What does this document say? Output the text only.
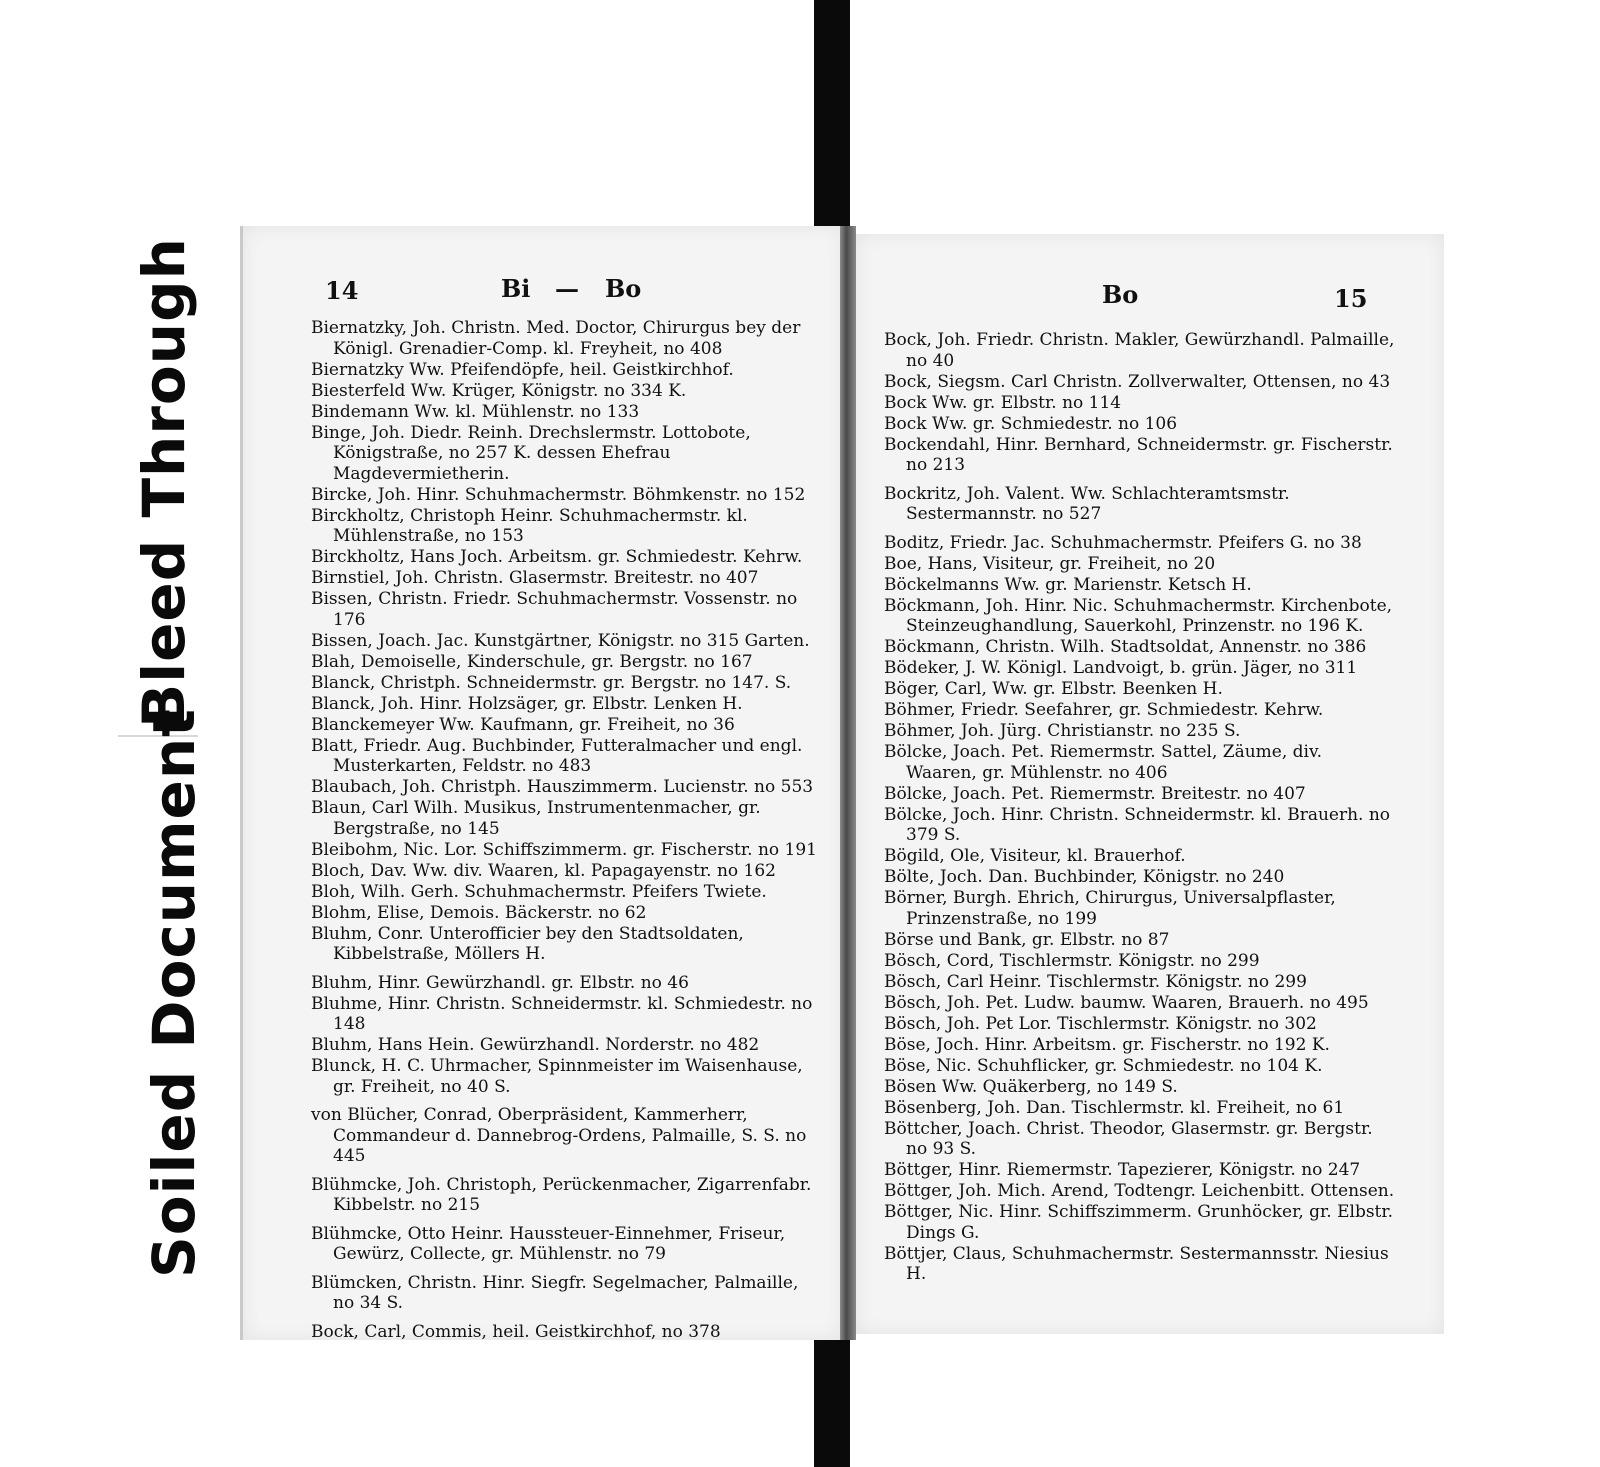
Bleed Through
Soiled Document
14	Bi — Bo
Biernatzky, Joh. Christn. Med. Doctor, Chirurgus bey der Königl. Grenadier-Comp. kl. Freyheit, no 408
Biernatzky Ww. Pfeifendöpfe, heil. Geistkirchhof.
Biesterfeld Ww. Krüger, Königstr. no 334 K.
Bindemann Ww. kl. Mühlenstr. no 133
Binge, Joh. Diedr. Reinh. Drechslermstr. Lottobote, Königstraße, no 257 K. dessen Ehefrau Magdevermietherin.
Bircke, Joh. Hinr. Schuhmachermstr. Böhmkenstr. no 152
Birckholtz, Christoph Heinr. Schuhmachermstr. kl. Mühlenstraße, no 153
Birckholtz, Hans Joch. Arbeitsm. gr. Schmiedestr. Kehrw.
Birnstiel, Joh. Christn. Glasermstr. Breitestr. no 407
Bissen, Christn. Friedr. Schuhmachermstr. Vossenstr. no 176
Bissen, Joach. Jac. Kunstgärtner, Königstr. no 315 Garten.
Blah, Demoiselle, Kinderschule, gr. Bergstr. no 167
Blanck, Christph. Schneidermstr. gr. Bergstr. no 147. S.
Blanck, Joh. Hinr. Holzsäger, gr. Elbstr. Lenken H.
Blanckemeyer Ww. Kaufmann, gr. Freiheit, no 36
Blatt, Friedr. Aug. Buchbinder, Futteralmacher und engl. Musterkarten, Feldstr. no 483
Blaubach, Joh. Christph. Hauszimmerm. Lucienstr. no 553
Blaun, Carl Wilh. Musikus, Instrumentenmacher, gr. Bergstraße, no 145
Bleibohm, Nic. Lor. Schiffszimmerm. gr. Fischerstr. no 191
Bloch, Dav. Ww. div. Waaren, kl. Papagayenstr. no 162
Bloh, Wilh. Gerh. Schuhmachermstr. Pfeifers Twiete.
Blohm, Elise, Demois. Bäckerstr. no 62
Bluhm, Conr. Unterofficier bey den Stadtsoldaten, Kibbelstraße, Möllers H.
Bluhm, Hinr. Gewürzhandl. gr. Elbstr. no 46
Bluhme, Hinr. Christn. Schneidermstr. kl. Schmiedestr. no 148
Bluhm, Hans Hein. Gewürzhandl. Norderstr. no 482
Blunck, H. C. Uhrmacher, Spinnmeister im Waisenhause, gr. Freiheit, no 40 S.
von Blücher, Conrad, Oberpräsident, Kammerherr, Commandeur d. Dannebrog-Ordens, Palmaille, S. S. no 445
Blühmcke, Joh. Christoph, Perückenmacher, Zigarrenfabr. Kibbelstr. no 215
Blühmcke, Otto Heinr. Haussteuer-Einnehmer, Friseur, Gewürz, Collecte, gr. Mühlenstr. no 79
Blümcken, Christn. Hinr. Siegfr. Segelmacher, Palmaille, no 34 S.
Bock, Carl, Commis, heil. Geistkirchhof, no 378
Bo	15
Bock, Joh. Friedr. Christn. Makler, Gewürzhandl. Palmaille, no 40
Bock, Siegsm. Carl Christn. Zollverwalter, Ottensen, no 43
Bock Ww. gr. Elbstr. no 114
Bock Ww. gr. Schmiedestr. no 106
Bockendahl, Hinr. Bernhard, Schneidermstr. gr. Fischerstr. no 213
Bockritz, Joh. Valent. Ww. Schlachteramtsmstr. Sestermannstr. no 527
Boditz, Friedr. Jac. Schuhmachermstr. Pfeifers G. no 38
Boe, Hans, Visiteur, gr. Freiheit, no 20
Böckelmanns Ww. gr. Marienstr. Ketsch H.
Böckmann, Joh. Hinr. Nic. Schuhmachermstr. Kirchenbote, Steinzeughandlung, Sauerkohl, Prinzenstr. no 196 K.
Böckmann, Christn. Wilh. Stadtsoldat, Annenstr. no 386
Bödeker, J. W. Königl. Landvoigt, b. grün. Jäger, no 311
Böger, Carl, Ww. gr. Elbstr. Beenken H.
Böhmer, Friedr. Seefahrer, gr. Schmiedestr. Kehrw.
Böhmer, Joh. Jürg. Christianstr. no 235 S.
Bölcke, Joach. Pet. Riemermstr. Sattel, Zäume, div. Waaren, gr. Mühlenstr. no 406
Bölcke, Joach. Pet. Riemermstr. Breitestr. no 407
Bölcke, Joch. Hinr. Christn. Schneidermstr. kl. Brauerh. no 379 S.
Bögild, Ole, Visiteur, kl. Brauerhof.
Bölte, Joch. Dan. Buchbinder, Königstr. no 240
Börner, Burgh. Ehrich, Chirurgus, Universalpflaster, Prinzenstraße, no 199
Börse und Bank, gr. Elbstr. no 87
Bösch, Cord, Tischlermstr. Königstr. no 299
Bösch, Carl Heinr. Tischlermstr. Königstr. no 299
Bösch, Joh. Pet. Ludw. baumw. Waaren, Brauerh. no 495
Bösch, Joh. Pet Lor. Tischlermstr. Königstr. no 302
Böse, Joch. Hinr. Arbeitsm. gr. Fischerstr. no 192 K.
Böse, Nic. Schuhflicker, gr. Schmiedestr. no 104 K.
Bösen Ww. Quäkerberg, no 149 S.
Bösenberg, Joh. Dan. Tischlermstr. kl. Freiheit, no 61
Böttcher, Joach. Christ. Theodor, Glasermstr. gr. Bergstr. no 93 S.
Böttger, Hinr. Riemermstr. Tapezierer, Königstr. no 247
Böttger, Joh. Mich. Arend, Todtengr. Leichenbitt. Ottensen.
Böttger, Nic. Hinr. Schiffszimmerm. Grunhöcker, gr. Elbstr. Dings G.
Böttjer, Claus, Schuhmachermstr. Sestermannsstr. Niesius H.
